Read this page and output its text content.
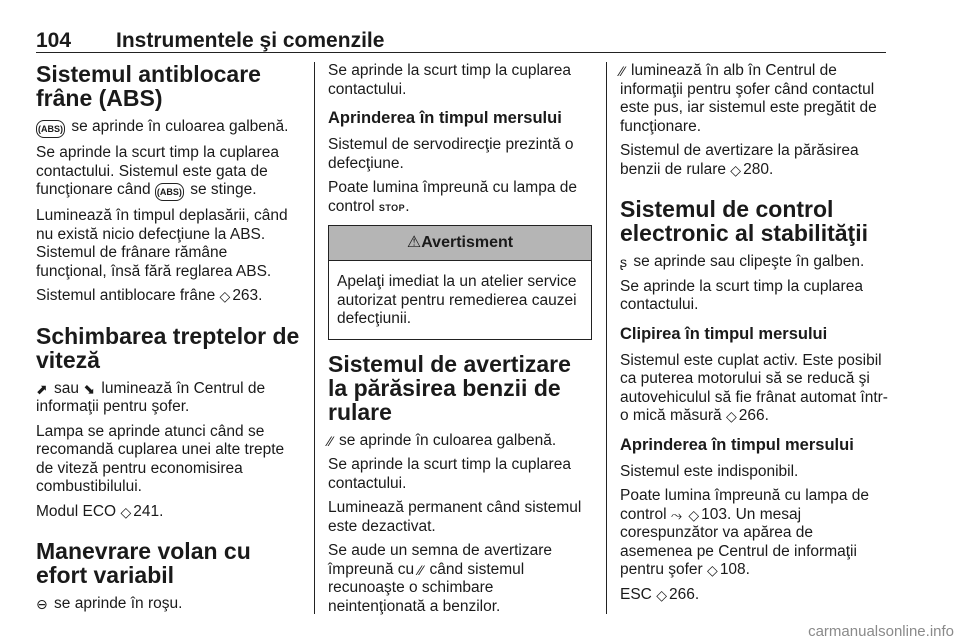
104 Instrumentele şi comenzile
Sistemul antiblocare frâne (ABS)

(ABS) se aprinde în culoarea galbenă.

Se aprinde la scurt timp la cuplarea contactului. Sistemul este gata de funcţionare când (ABS) se stinge.

Luminează în timpul deplasării, când nu există nicio defecţiune la ABS. Sistemul de frânare rămâne funcţional, însă fără reglarea ABS.

Sistemul antiblocare frâne ◇ 263.

Schimbarea treptelor de viteză

⬈ sau ⬊ luminează în Centrul de informaţii pentru şofer.

Lampa se aprinde atunci când se recomandă cuplarea unei alte trepte de viteză pentru economisirea combustibilului.

Modul ECO ◇ 241.

Manevrare volan cu efort variabil

⊖ se aprinde în roşu.

Se aprinde la scurt timp la cuplarea contactului.

Aprinderea în timpul mersului

Sistemul de servodirecţie prezintă o defecţiune.

Poate lumina împreună cu lampa de control STOP.

⚠Avertisment

Apelaţi imediat la un atelier service autorizat pentru remedierea cauzei defecţiunii.

Sistemul de avertizare la părăsirea benzii de rulare

⁄⁄ se aprinde în culoarea galbenă.

Se aprinde la scurt timp la cuplarea contactului.

Luminează permanent când sistemul este dezactivat.

Se aude un semna de avertizare împreună cu ⁄⁄ când sistemul recunoaşte o schimbare neintenţionată a benzilor.

⁄⁄ luminează în alb în Centrul de informaţii pentru şofer când contactul este pus, iar sistemul este pregătit de funcţionare.

Sistemul de avertizare la părăsirea benzii de rulare ◇ 280.

Sistemul de control electronic al stabilităţii

ʂ se aprinde sau clipeşte în galben.

Se aprinde la scurt timp la cuplarea contactului.

Clipirea în timpul mersului

Sistemul este cuplat activ. Este posibil ca puterea motorului să se reducă şi autovehiculul să fie frânat automat într-o mică măsură ◇ 266.

Aprinderea în timpul mersului

Sistemul este indisponibil.

Poate lumina împreună cu lampa de control ⤳ ◇ 103. Un mesaj corespunzător va apărea de asemenea pe Centrul de informaţii pentru şofer ◇ 108.

ESC ◇ 266.

carmanualsonline.info
